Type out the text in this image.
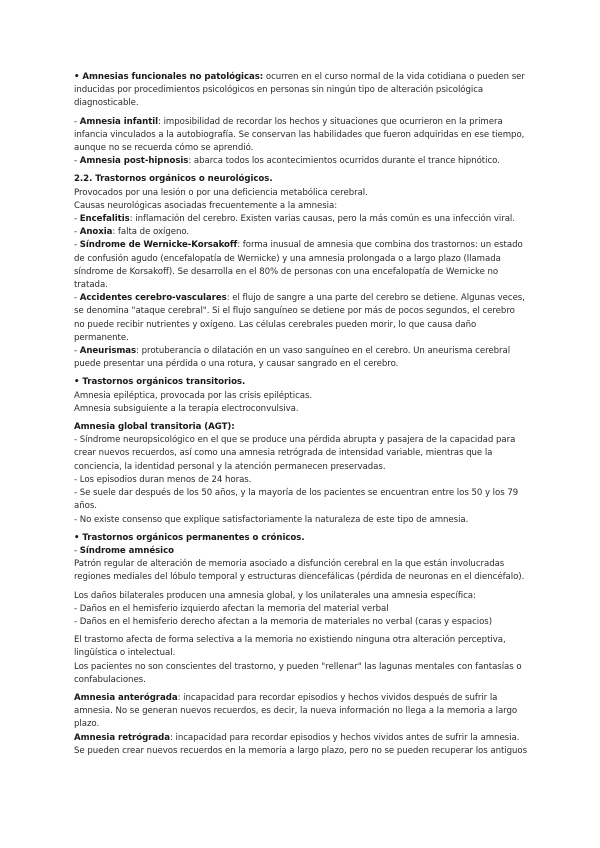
• Amnesias funcionales no patológicas: ocurren en el curso normal de la vida cotidiana o pueden ser inducidas por procedimientos psicológicos en personas sin ningún tipo de alteración psicológica diagnosticable.

- Amnesia infantil: imposibilidad de recordar los hechos y situaciones que ocurrieron en la primera infancia vinculados a la autobiografía. Se conservan las habilidades que fueron adquiridas en ese tiempo, aunque no se recuerda cómo se aprendió.

- Amnesia post-hipnosis: abarca todos los acontecimientos ocurridos durante el trance hipnótico.

2.2. Trastornos orgánicos o neurológicos.

Provocados por una lesión o por una deficiencia metabólica cerebral.

Causas neurológicas asociadas frecuentemente a la amnesia:

- Encefalitis: inflamación del cerebro. Existen varias causas, pero la más común es una infección viral.

- Anoxia: falta de oxígeno.

- Síndrome de Wernicke-Korsakoff: forma inusual de amnesia que combina dos trastornos: un estado de confusión agudo (encefalopatía de Wernicke) y una amnesia prolongada o a largo plazo (llamada síndrome de Korsakoff). Se desarrolla en el 80% de personas con una encefalopatía de Wernicke no tratada.

- Accidentes cerebro-vasculares: el flujo de sangre a una parte del cerebro se detiene. Algunas veces, se denomina "ataque cerebral". Si el flujo sanguíneo se detiene por más de pocos segundos, el cerebro no puede recibir nutrientes y oxígeno. Las células cerebrales pueden morir, lo que causa daño permanente.

- Aneurismas: protuberancia o dilatación en un vaso sanguíneo en el cerebro. Un aneurisma cerebral puede presentar una pérdida o una rotura, y causar sangrado en el cerebro.

• Trastornos orgánicos transitorios.

Amnesia epiléptica, provocada por las crisis epilépticas.

Amnesia subsiguiente a la terapia electroconvulsiva.

Amnesia global transitoria (AGT):

- Síndrome neuropsicológico en el que se produce una pérdida abrupta y pasajera de la capacidad para crear nuevos recuerdos, así como una amnesia retrógrada de intensidad variable, mientras que la conciencia, la identidad personal y la atención permanecen preservadas.

- Los episodios duran menos de 24 horas.

- Se suele dar después de los 50 años, y la mayoría de los pacientes se encuentran entre los 50 y los 79 años.

- No existe consenso que explique satisfactoriamente la naturaleza de este tipo de amnesia.

• Trastornos orgánicos permanentes o crónicos.

- Síndrome amnésico

Patrón regular de alteración de memoria asociado a disfunción cerebral en la que están involucradas regiones mediales del lóbulo temporal y estructuras diencefálicas (pérdida de neuronas en el diencéfalo).

Los daños bilaterales producen una amnesia global, y los unilaterales una amnesia específica:

- Daños en el hemisferio izquierdo afectan la memoria del material verbal

- Daños en el hemisferio derecho afectan a la memoria de materiales no verbal (caras y espacios)

El trastorno afecta de forma selectiva a la memoria no existiendo ninguna otra alteración perceptiva, lingüística o intelectual.

Los pacientes no son conscientes del trastorno, y pueden "rellenar" las lagunas mentales con fantasías o confabulaciones.

Amnesia anterógrada: incapacidad para recordar episodios y hechos vividos después de sufrir la amnesia. No se generan nuevos recuerdos, es decir, la nueva información no llega a la memoria a largo plazo.

Amnesia retrógrada: incapacidad para recordar episodios y hechos vividos antes de sufrir la amnesia. Se pueden crear nuevos recuerdos en la memoria a largo plazo, pero no se pueden recuperar los antiguos
